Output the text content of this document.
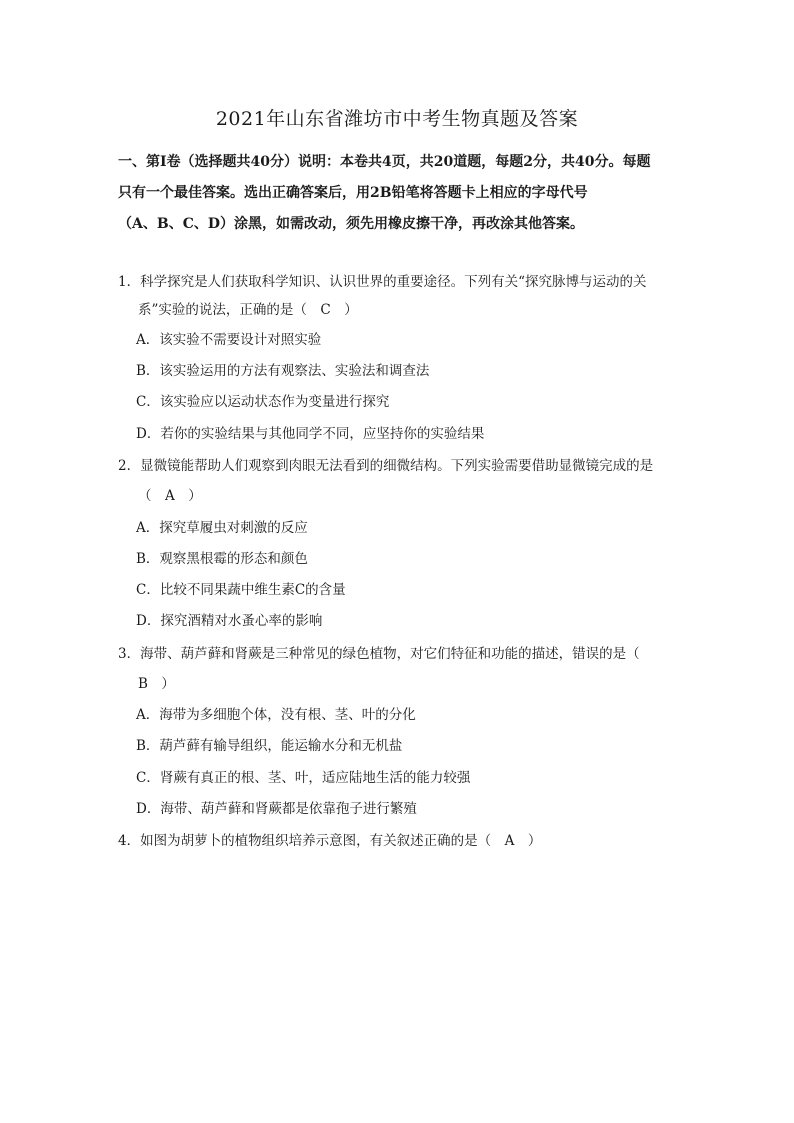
2021年山东省潍坊市中考生物真题及答案
一、第Ⅰ卷（选择题共40分）说明：本卷共4页，共20道题，每题2分，共40分。每题
只有一个最佳答案。选出正确答案后，用2B铅笔将答题卡上相应的字母代号
（A、B、C、D）涂黑，如需改动，须先用橡皮擦干净，再改涂其他答案。
1．科学探究是人们获取科学知识、认识世界的重要途径。下列有关“探究脉博与运动的关
系”实验的说法，正确的是（　C　）
A．该实验不需要设计对照实验
B．该实验运用的方法有观察法、实验法和调查法
C．该实验应以运动状态作为变量进行探究
D．若你的实验结果与其他同学不同，应坚持你的实验结果
2．显微镜能帮助人们观察到肉眼无法看到的细微结构。下列实验需要借助显微镜完成的是
（　A　）
A．探究草履虫对刺激的反应
B．观察黑根霉的形态和颜色
C．比较不同果蔬中维生素C的含量
D．探究酒精对水蚤心率的影响
3．海带、葫芦藓和肾蕨是三种常见的绿色植物，对它们特征和功能的描述，错误的是（
B　）
A．海带为多细胞个体，没有根、茎、叶的分化
B．葫芦藓有输导组织，能运输水分和无机盐
C．肾蕨有真正的根、茎、叶，适应陆地生活的能力较强
D．海带、葫芦藓和肾蕨都是依靠孢子进行繁殖
4．如图为胡萝卜的植物组织培养示意图，有关叙述正确的是（　A　）
